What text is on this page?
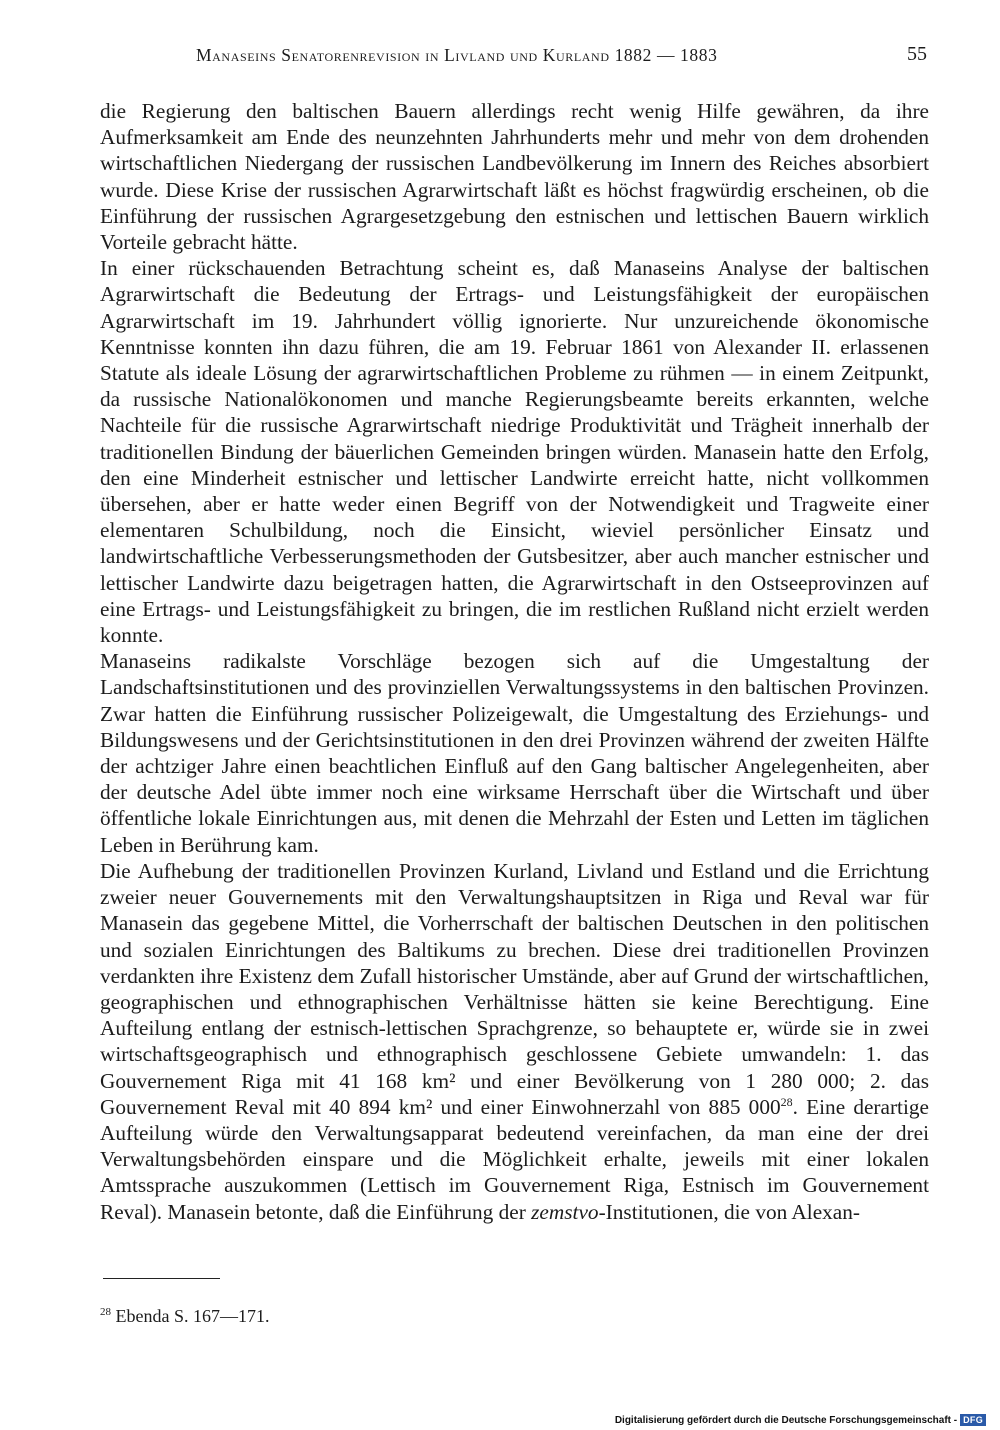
Manaseins Senatorenrevision in Livland und Kurland 1882 — 1883	55

die Regierung den baltischen Bauern allerdings recht wenig Hilfe gewähren, da ihre Aufmerksamkeit am Ende des neunzehnten Jahrhunderts mehr und mehr von dem drohenden wirtschaftlichen Niedergang der russischen Landbevölkerung im Innern des Reiches absorbiert wurde. Diese Krise der russischen Agrarwirtschaft läßt es höchst fragwürdig erscheinen, ob die Einführung der russischen Agrargesetzgebung den estnischen und lettischen Bauern wirklich Vorteile gebracht hätte.

In einer rückschauenden Betrachtung scheint es, daß Manaseins Analyse der baltischen Agrarwirtschaft die Bedeutung der Ertrags- und Leistungsfähigkeit der europäischen Agrarwirtschaft im 19. Jahrhundert völlig ignorierte. Nur unzureichende ökonomische Kenntnisse konnten ihn dazu führen, die am 19. Februar 1861 von Alexander II. erlassenen Statute als ideale Lösung der agrarwirtschaftlichen Probleme zu rühmen — in einem Zeitpunkt, da russische Nationalökonomen und manche Regierungsbeamte bereits erkannten, welche Nachteile für die russische Agrarwirtschaft niedrige Produktivität und Trägheit innerhalb der traditionellen Bindung der bäuerlichen Gemeinden bringen würden. Manasein hatte den Erfolg, den eine Minderheit estnischer und lettischer Landwirte erreicht hatte, nicht vollkommen übersehen, aber er hatte weder einen Begriff von der Notwendigkeit und Tragweite einer elementaren Schulbildung, noch die Einsicht, wieviel persönlicher Einsatz und landwirtschaftliche Verbesserungsmethoden der Gutsbesitzer, aber auch mancher estnischer und lettischer Landwirte dazu beigetragen hatten, die Agrarwirtschaft in den Ostseeprovinzen auf eine Ertrags- und Leistungsfähigkeit zu bringen, die im restlichen Rußland nicht erzielt werden konnte.

Manaseins radikalste Vorschläge bezogen sich auf die Umgestaltung der Landschaftsinstitutionen und des provinziellen Verwaltungssystems in den baltischen Provinzen. Zwar hatten die Einführung russischer Polizeigewalt, die Umgestaltung des Erziehungs- und Bildungswesens und der Gerichtsinstitutionen in den drei Provinzen während der zweiten Hälfte der achtziger Jahre einen beachtlichen Einfluß auf den Gang baltischer Angelegenheiten, aber der deutsche Adel übte immer noch eine wirksame Herrschaft über die Wirtschaft und über öffentliche lokale Einrichtungen aus, mit denen die Mehrzahl der Esten und Letten im täglichen Leben in Berührung kam.

Die Aufhebung der traditionellen Provinzen Kurland, Livland und Estland und die Errichtung zweier neuer Gouvernements mit den Verwaltungshauptsitzen in Riga und Reval war für Manasein das gegebene Mittel, die Vorherrschaft der baltischen Deutschen in den politischen und sozialen Einrichtungen des Baltikums zu brechen. Diese drei traditionellen Provinzen verdankten ihre Existenz dem Zufall historischer Umstände, aber auf Grund der wirtschaftlichen, geographischen und ethnographischen Verhältnisse hätten sie keine Berechtigung. Eine Aufteilung entlang der estnisch-lettischen Sprachgrenze, so behauptete er, würde sie in zwei wirtschaftsgeographisch und ethnographisch geschlossene Gebiete umwandeln: 1. das Gouvernement Riga mit 41 168 km² und einer Bevölkerung von 1 280 000; 2. das Gouvernement Reval mit 40 894 km² und einer Einwohnerzahl von 885 $000^{28}$. Eine derartige Aufteilung würde den Verwaltungsapparat bedeutend vereinfachen, da man eine der drei Verwaltungsbehörden einspare und die Möglichkeit erhalte, jeweils mit einer lokalen Amtssprache auszukommen (Lettisch im Gouvernement Riga, Estnisch im Gouvernement Reval). Manasein betonte, daß die Einführung der zemstvo-Institutionen, die von Alexan-

$^{28}$ Ebenda S. 167—171.
Digitalisierung gefördert durch die Deutsche Forschungsgemeinschaft - DFG
